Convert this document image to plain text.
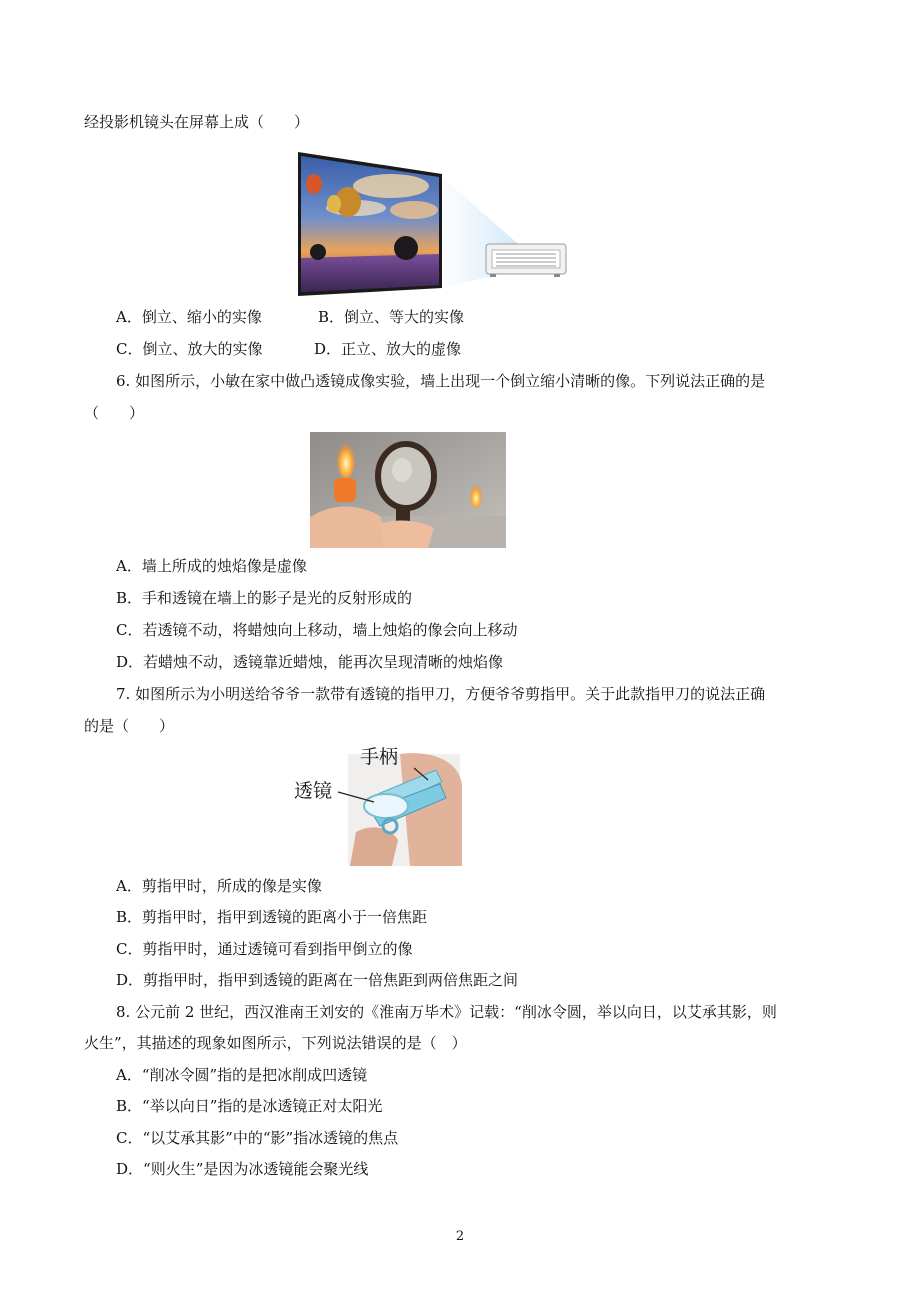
经投影机镜头在屏幕上成（　　）
A．倒立、缩小的实像	B．倒立、等大的实像
C．倒立、放大的实像	D．正立、放大的虚像
6. 如图所示，小敏在家中做凸透镜成像实验，墙上出现一个倒立缩小清晰的像。下列说法正确的是
（　　）
A．墙上所成的烛焰像是虚像
B．手和透镜在墙上的影子是光的反射形成的
C．若透镜不动，将蜡烛向上移动，墙上烛焰的像会向上移动
D．若蜡烛不动，透镜靠近蜡烛，能再次呈现清晰的烛焰像
7. 如图所示为小明送给爷爷一款带有透镜的指甲刀，方便爷爷剪指甲。关于此款指甲刀的说法正确
的是（　　）
手柄
透镜
A．剪指甲时，所成的像是实像
B．剪指甲时，指甲到透镜的距离小于一倍焦距
C．剪指甲时，通过透镜可看到指甲倒立的像
D．剪指甲时，指甲到透镜的距离在一倍焦距到两倍焦距之间
8. 公元前 2 世纪，西汉淮南王刘安的《淮南万毕术》记载：“削冰令圆，举以向日，以艾承其影，则
火生”，其描述的现象如图所示，下列说法错误的是（　）
A．“削冰令圆”指的是把冰削成凹透镜
B．“举以向日”指的是冰透镜正对太阳光
C．“以艾承其影”中的“影”指冰透镜的焦点
D．“则火生”是因为冰透镜能会聚光线
2
